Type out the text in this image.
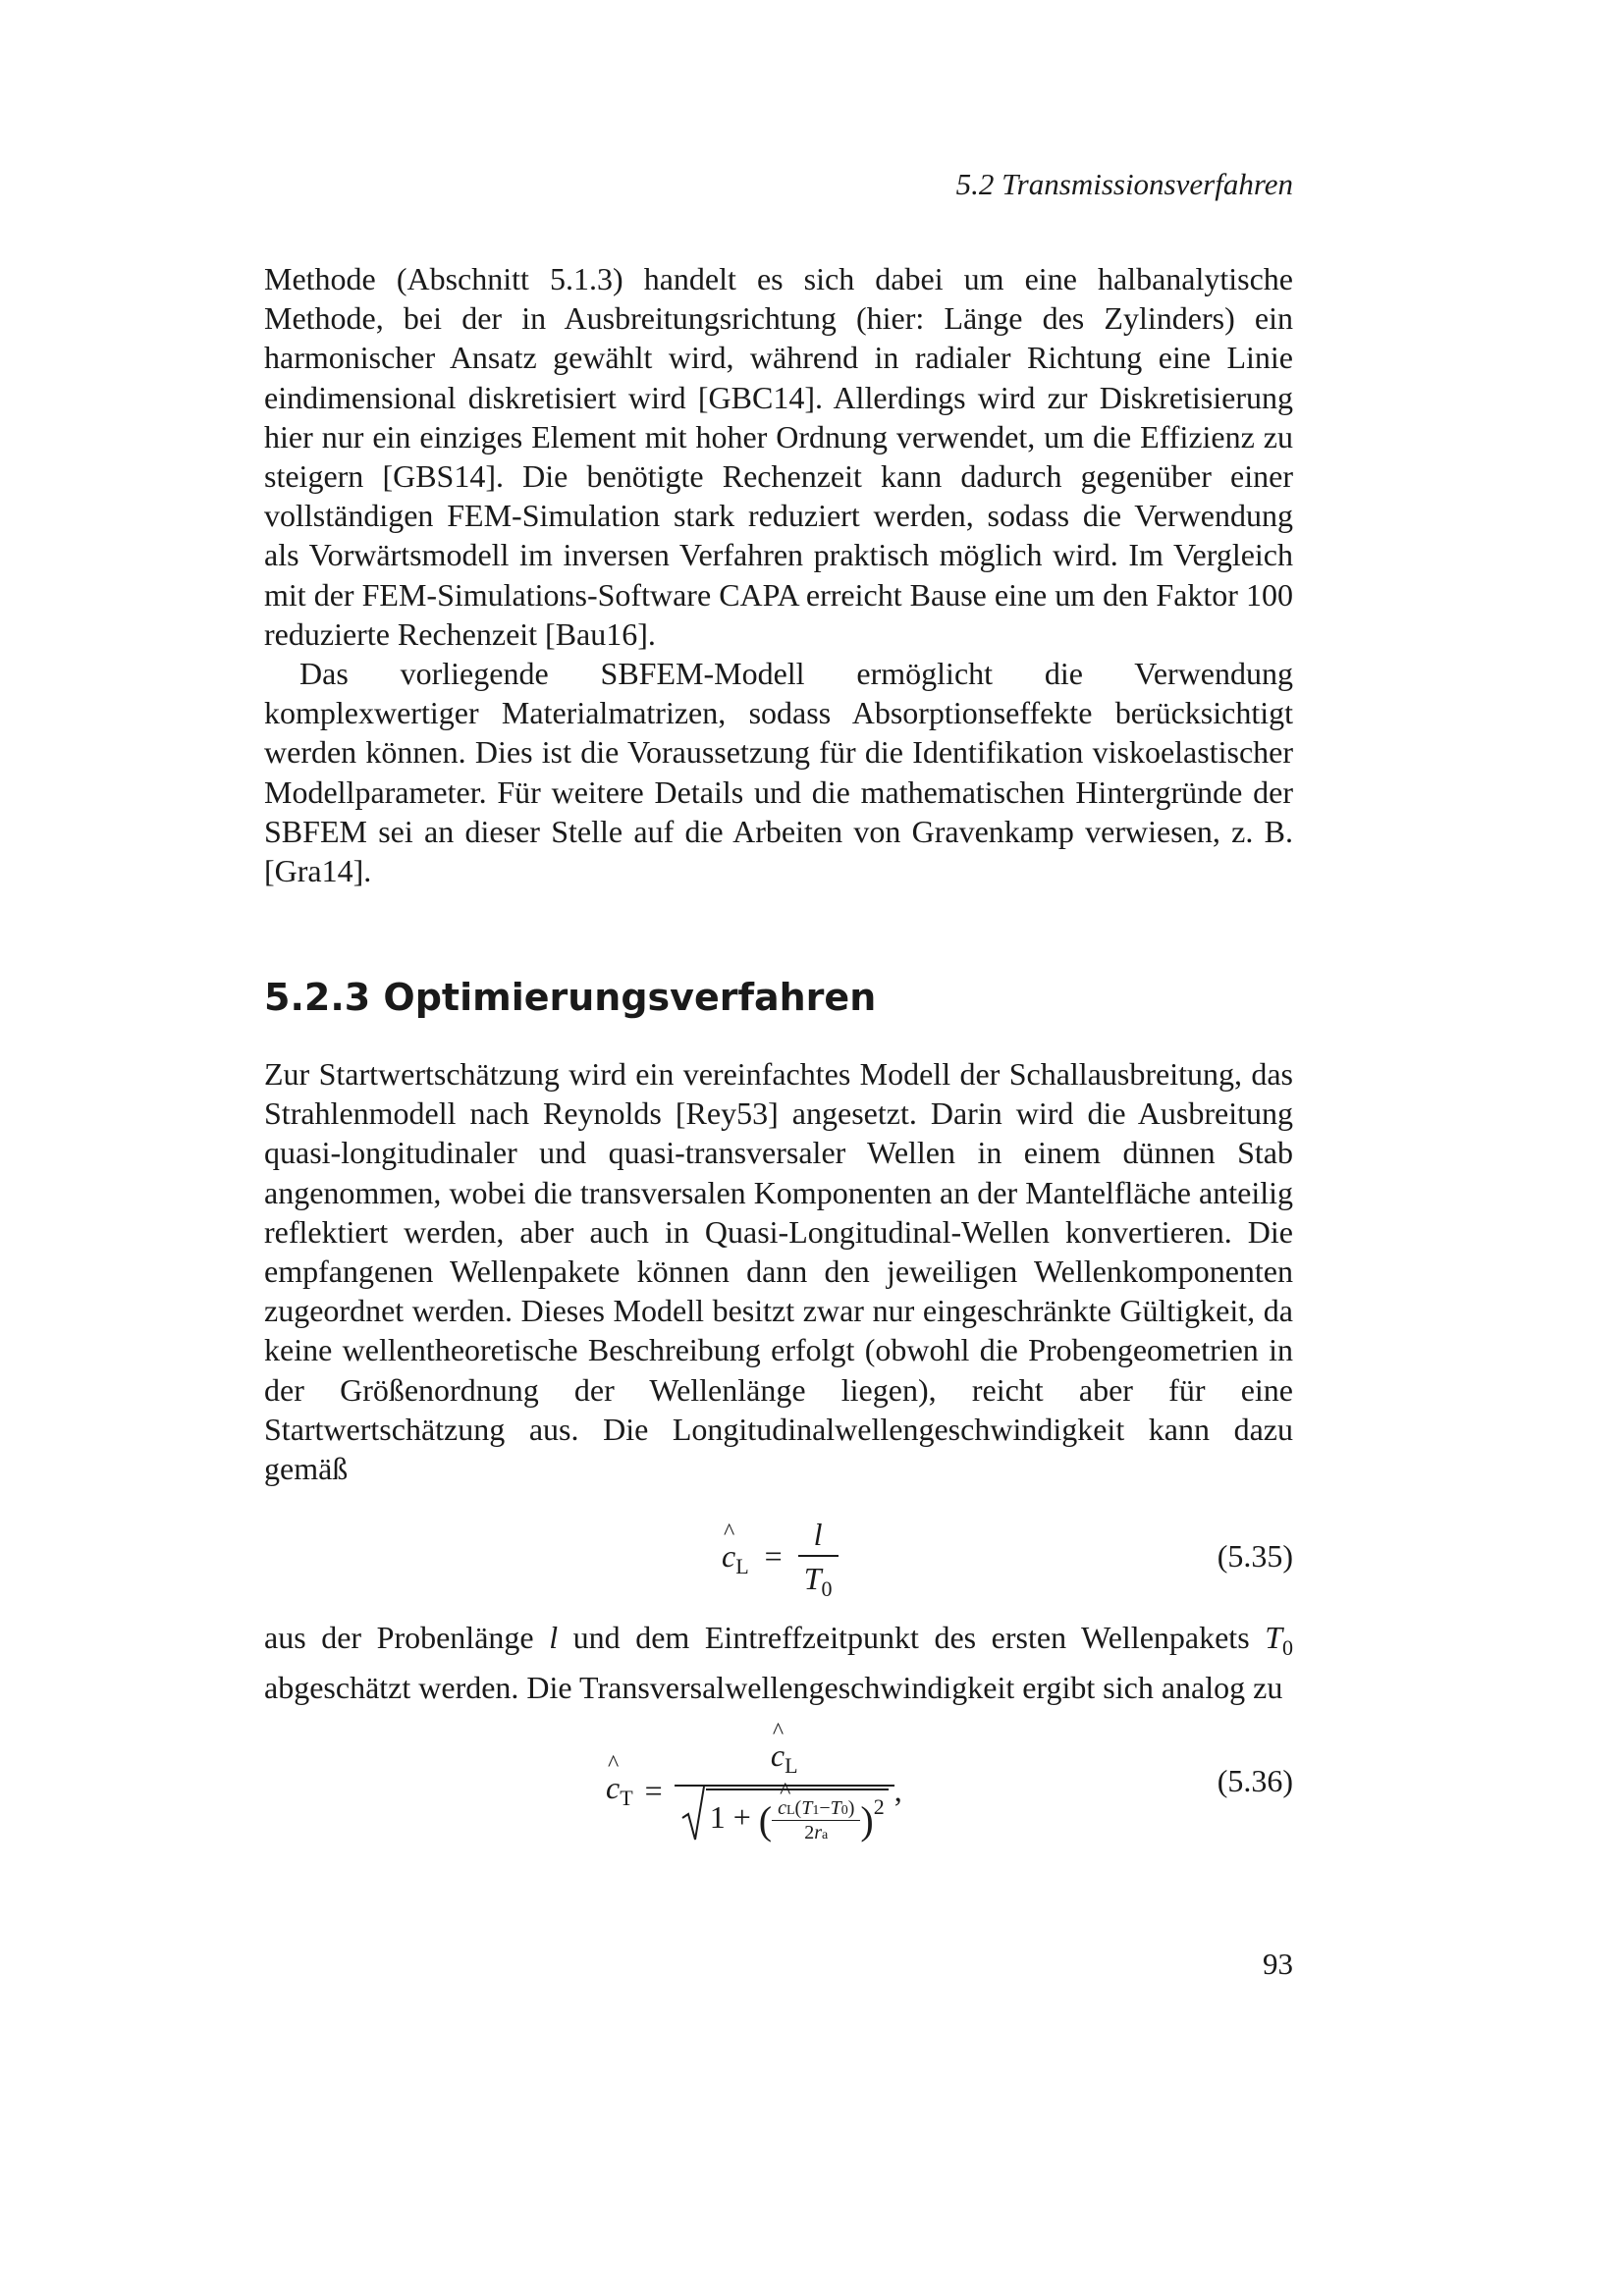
5.2 Transmissionsverfahren

Methode (Abschnitt 5.1.3) handelt es sich dabei um eine halbanalytische Methode, bei der in Ausbreitungsrichtung (hier: Länge des Zylinders) ein harmonischer Ansatz gewählt wird, während in radialer Richtung eine Linie eindimensional diskretisiert wird [GBC14]. Allerdings wird zur Diskretisierung hier nur ein einziges Element mit hoher Ordnung verwendet, um die Effizienz zu steigern [GBS14]. Die benötigte Rechenzeit kann dadurch gegenüber einer vollständigen FEM-Simulation stark reduziert werden, sodass die Verwendung als Vorwärtsmodell im inversen Verfahren praktisch möglich wird. Im Vergleich mit der FEM-Simulations-Software CAPA erreicht Bause eine um den Faktor 100 reduzierte Rechenzeit [Bau16].

Das vorliegende SBFEM-Modell ermöglicht die Verwendung komplexwertiger Materialmatrizen, sodass Absorptionseffekte berücksichtigt werden können. Dies ist die Voraussetzung für die Identifikation viskoelastischer Modellparameter. Für weitere Details und die mathematischen Hintergründe der SBFEM sei an dieser Stelle auf die Arbeiten von Gravenkamp verwiesen, z. B. [Gra14].

5.2.3 Optimierungsverfahren

Zur Startwertschätzung wird ein vereinfachtes Modell der Schallausbreitung, das Strahlenmodell nach Reynolds [Rey53] angesetzt. Darin wird die Ausbreitung quasi-longitudinaler und quasi-transversaler Wellen in einem dünnen Stab angenommen, wobei die transversalen Komponenten an der Mantelfläche anteilig reflektiert werden, aber auch in Quasi-Longitudinal-Wellen konvertieren. Die empfangenen Wellenpakete können dann den jeweiligen Wellenkomponenten zugeordnet werden. Dieses Modell besitzt zwar nur eingeschränkte Gültigkeit, da keine wellentheoretische Beschreibung erfolgt (obwohl die Probengeometrien in der Größenordnung der Wellenlänge liegen), reicht aber für eine Startwertschätzung aus. Die Longitudinalwellengeschwindigkeit kann dazu gemäß

^ $c_L = \frac{l}{T_0}$	(5.35)

aus der Probenlänge l und dem Eintreffzeitpunkt des ersten Wellenpakets $T_0$ abgeschätzt werden. Die Transversalwellengeschwindigkeit ergibt sich analog zu

^ $c_T$ =
^ $c_L$
1 + (
^ $\frac{cL(T1-T0)}{2ra} )^2$ ,	(5.36)
93
